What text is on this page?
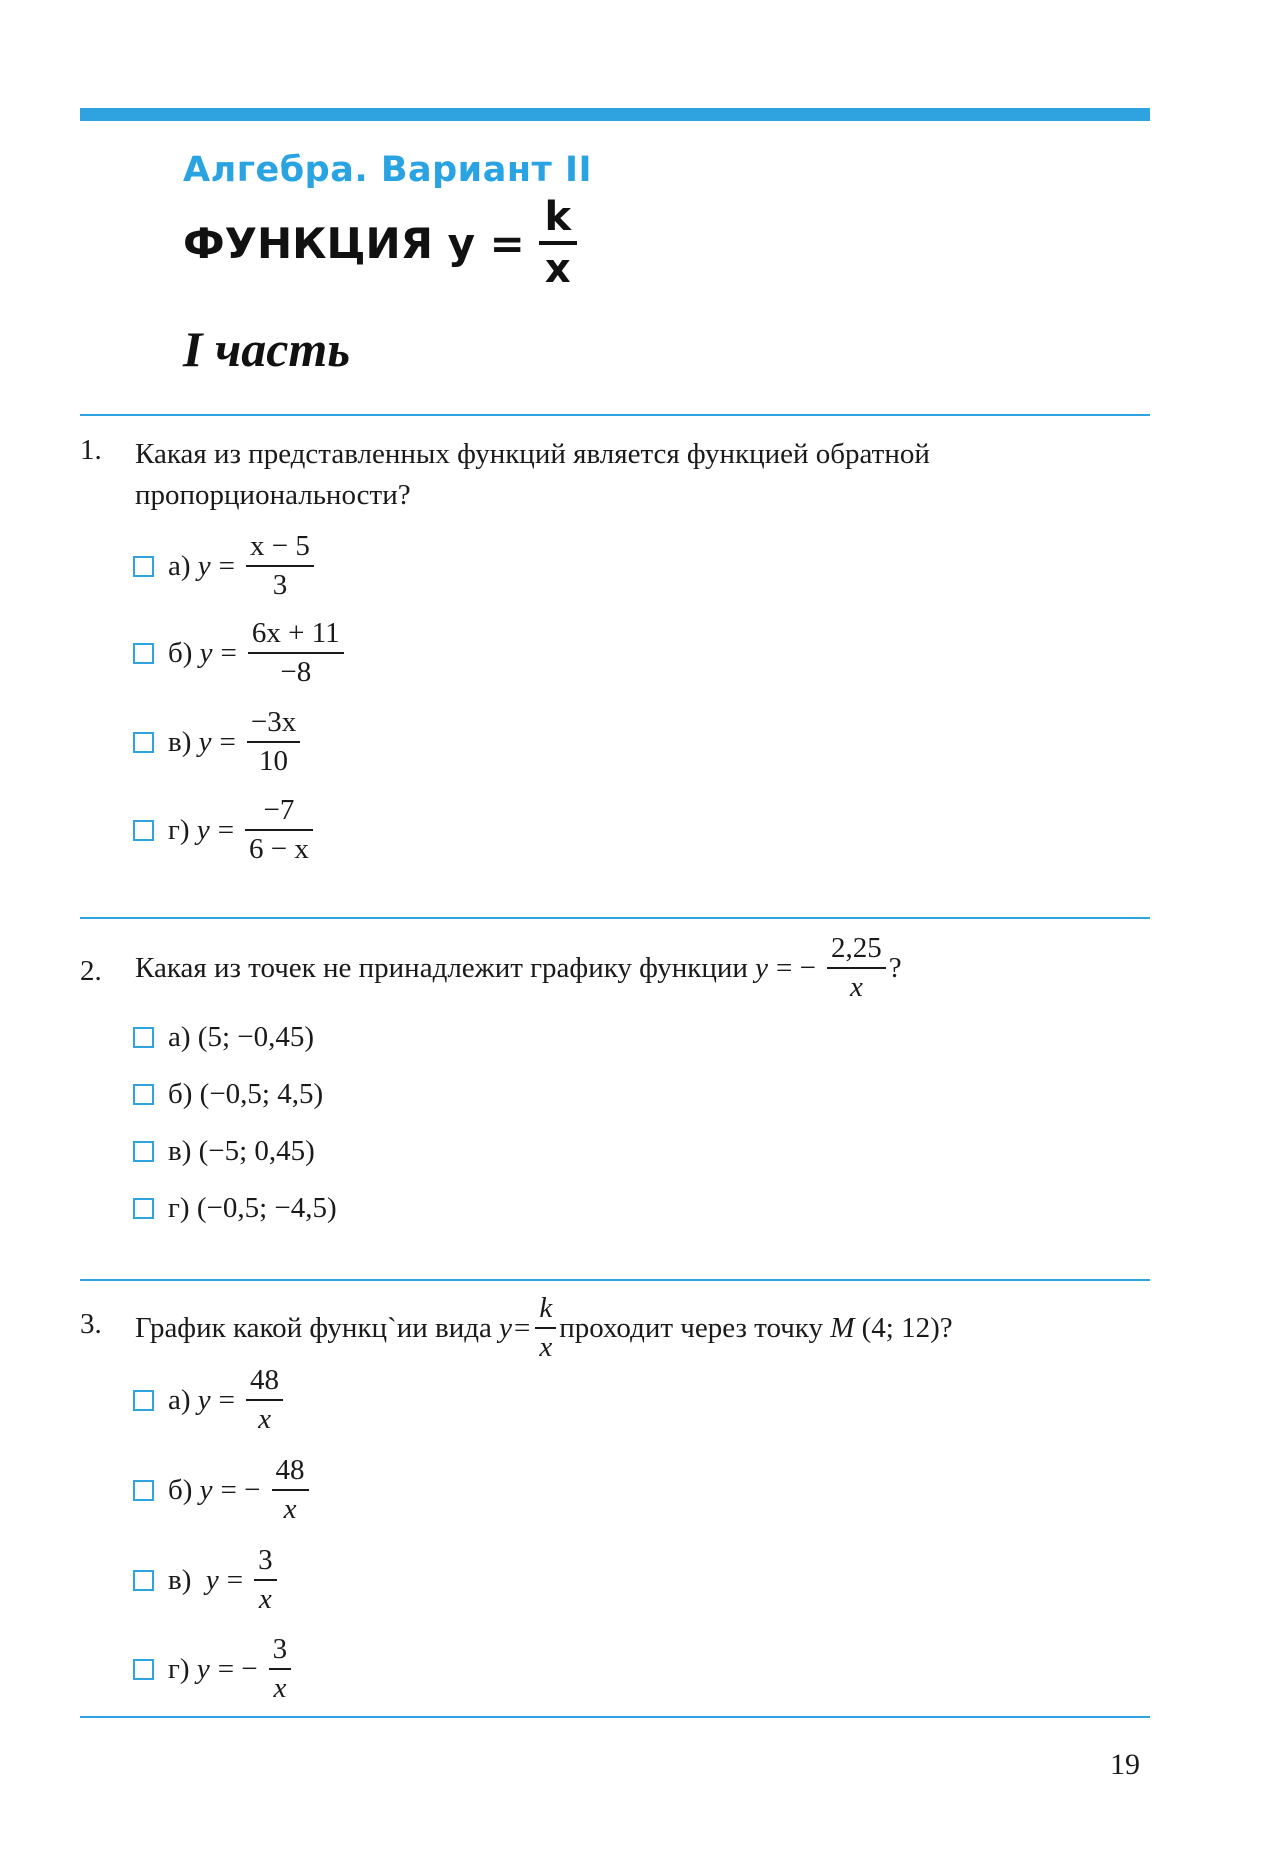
Алгебра. Вариант II
ФУНКЦИЯ $y = \frac{k}{x}$
I часть
1. Какая из представленных функций является функцией обратной пропорциональности?
а)
$y = \frac{x - 5}{3}$
б)
$y = \frac{6x + 11}{-8}$
в)
$y = \frac{-3x}{10}$
г)
$y = \frac{-7}{6 - x}$
2. Какая из точек не принадлежит графику функции
y = − $\frac{2,25}{x}$ ?
а)
(5; −0,45)
б)
(−0,5; 4,5)
в)
(−5; 0,45)
г)
(−0,5; −4,5)
3. График какой функц`ии вида
$y = \frac{k}{x}$ проходит через точку
M
(4; 12)?
а)
$y = \frac{48}{x}$
б)
y = − $\frac{48}{x}$
в)
$y = \frac{3}{x}$
г)
y = − $\frac{3}{x}$
19
